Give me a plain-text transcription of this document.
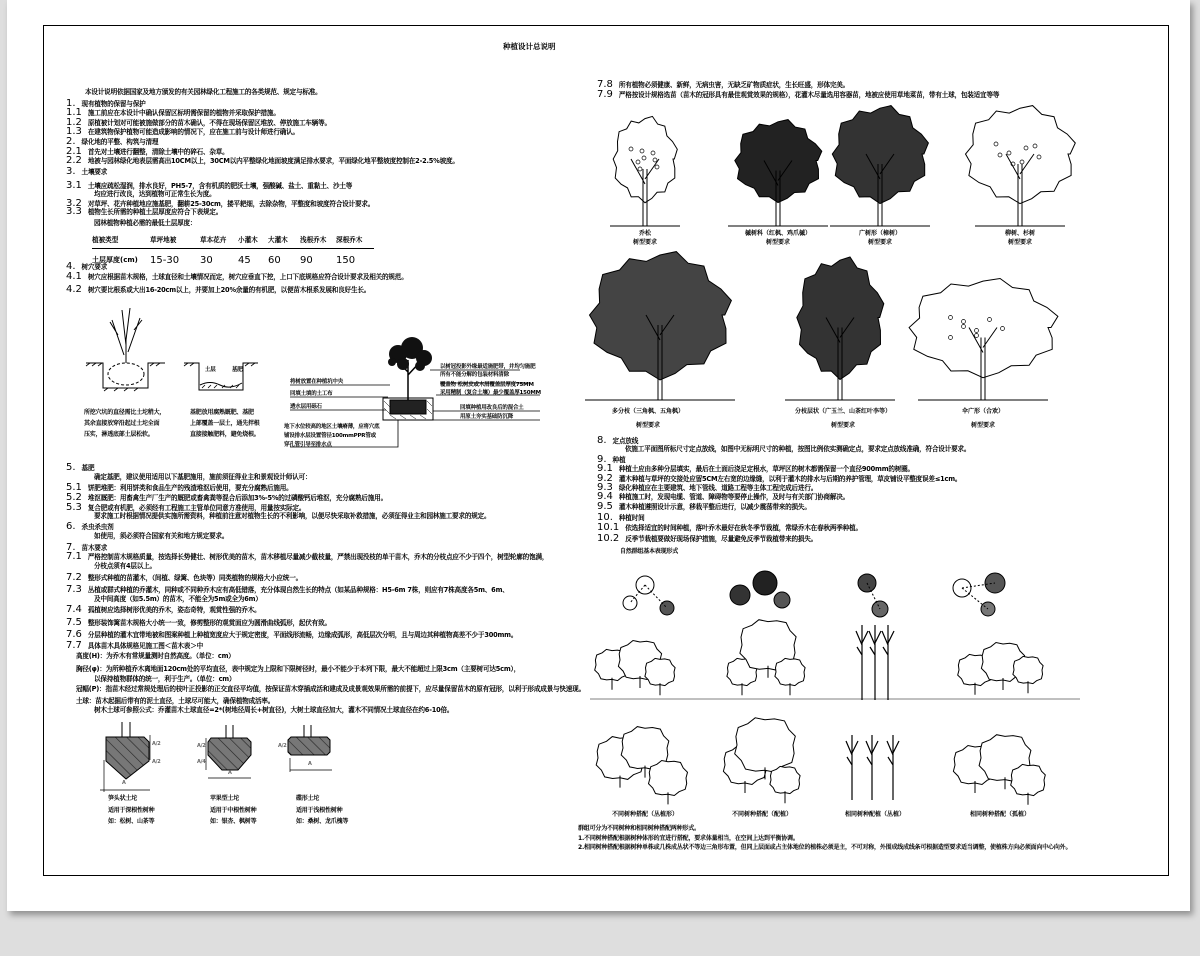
种植设计总说明
本设计说明依据国家及地方颁发的有关园林绿化工程施工的各类规范、规定与标准。
1. 现有植物的保留与保护
1.1 施工前应在本设计中确认保留区标明需保留的植物并采取保护措施。
1.2 原植被计划对可能被施做部分的苗木确认，不得在现场保留区堆放、停放施工车辆等。
1.3 在建筑物保护植物可能造成影响的情况下，应在施工前与设计师进行确认。
2. 绿化地的平整、构筑与清理
2.1 首先对土壤进行翻整，清除土壤中的碎石、杂草。
2.2 地被与园林绿化地表层需高出10CM以上，30CM以内平整绿化地面坡度满足排水要求，平面绿化地平整坡度控制在2-2.5%坡度。
3. 土壤要求
3.1 土壤应疏松湿润，排水良好，PH5-7，含有机质的肥沃土壤，强酸碱、盐土、重黏土、沙土等
均应进行改良，达到植物可正常生长为度。
3.2 对草坪、花卉种植地应施基肥，翻耕25-30cm，搂平耙细，去除杂物，平整度和坡度符合设计要求。
3.3 植物生长所需的种植土层厚度应符合下表规定。
园林植物种植必需的最低土层厚度：
植被类型	草坪地被	草本花卉	小灌木	大灌木	浅根乔木	深根乔木
土层厚度(cm)	15-30	30	45	60	90	150
4. 树穴要求
4.1 树穴应根据苗木规格，土球直径和土壤情况而定，树穴应垂直下挖，上口下底规格应符合设计要求及相关的规范。
4.2 树穴要比根系或大出16-20cm以上，并要加上20%余量的有机肥，以便苗木根系发展和良好生长。
土层	基肥
所挖穴坑的直径需比土坨稍大，
其余直接放穿沿起过土坨全面
压实，淋透底部土层松软。
基肥放用腐熟厩肥、基肥
上部覆盖一层土，通先拌根
直接接触肥料，避免烧根。
将树放置在种植坑中央
回填土填的土工布
透水层用砾石
地下水位较高的地区土壤瘠薄，应将穴底
铺设排水层设置管径100mmPPR管或
穿孔管引导至排水点
以树冠投影外缘最适施肥带，并均匀施肥
所有不能分解的包装材料清除
覆盖物 松树皮或木屑覆盖层厚度75MM
采用精制（复合土壤）最少覆盖厚150MM
回填种植用改良后的混合土
用原土夯实基础防沉降
5. 基肥
确定基肥，建议使用适用以下基肥施用，施前须征得业主和景观设计师认可：
5.1 饼肥堆肥：利用饼类和食品生产的残渣堆沤后使用，要充分腐熟后施用。
5.2 堆沤厩肥：用畜禽生产厂生产的厩肥或畜禽粪等混合后添加3%-5%的过磷酸钙后堆沤，充分腐熟后施用。
5.3 复合肥或有机肥，必须经有工程施工主管单位同意方准使用，用量按实际定。
要求施工时根据情况提供实施所需资料，种植前注意对植物生长的不利影响，以便尽快采取补救措施，必须征得业主和园林施工要求的规定。
6. 杀虫杀虫剂
如使用，须必须符合国家有关和地方规定要求。
7. 苗木要求
7.1 严格控制苗木规格质量，按选择长势健壮、树形优美的苗木，苗木移植尽量减少截枝量，严禁出现没枝的单干苗木，乔木的分枝点应不少于四个，树型轮廓的饱满，
分枝点须有4层以上。
7.2 整形式种植的苗灌木，（间植、绿篱、色块等）同类植物的规格大小应统一。
7.3 丛植或群式种植的乔灌木，同种或不同种乔木应有高低错落，充分体现自然生长的特点（如某品种规格：H5-6m 7株，则应有7株高度各5m、6m、
及中间高度（如5.5m）的苗木，不能全为5m或全为6m）
7.4 孤植树应选择树形优美的乔木，姿态奇特，观赏性强的乔木。
7.5 整形装饰篱苗木规格大小统一一致，修剪整形的观赏面应为圆滑曲线弧形，起伏有致。
7.6 分层种植的灌木宜带地被和图案种植上种植宽度应大于规定密度，平面线形流畅，边缘成弧形，高低层次分明，且与周边其种植物高差不少于300mm。
7.7 具体苗木具体规格见施工图＜苗木表＞中
高度(H)：为乔木有常规量测时自然高度。（单位：cm）
胸径(φ)：为所种植乔木离地面120cm处的平均直径，表中规定为上限和下限树径时，最小不能少于本列下限，最大不能超过上限3cm（主要树可达5cm），
以保持植物群体的统一，利于生产。（单位：cm）
冠幅(P)：指苗木经过常规处理后的枝叶正投影的正交直径平均值，按保证苗木穿插成活和建成及成景观效果所需的前提下，应尽量保留苗木的原有冠形，以利于形成成景与快速现。
土球：苗木起掘后带有的泥土直径，土球尽可能大，确保植物成活率。
树木土球可参照公式：乔灌苗木土球直径=2*(树地径周长+树直径)，大树土球直径加大，灌木不同情况土球直径在约6-10倍。
笋头状土坨
适用于深根性树种
如：松树、山茶等
苹果型土坨
适用于中根性树种
如：银杏、枫树等
碟形土坨
适用于浅根性树种
如：桑树、龙爪槐等
A/2
A/2
A
A/2
A/4
A
A/2
A
7.8 所有植物必须健康、新鲜，无病虫害，无缺乏矿物质症状，生长旺盛，形体完美。
7.9 严格按设计规格选苗（苗木的冠形具有最佳观赏效果的规格），花灌木尽量选用容器苗，地被应使用草地菜苗，带有土球，包装适宜等等
乔松
树型要求
槭树科（红枫、鸡爪槭）
树型要求
广树形（樟树）
树型要求
柳树、杉树
树型要求
多分枝（三角枫、五角枫）
树型要求
分枝层状（广玉兰、山茶红叶李等）
树型要求
伞广形（合欢）
树型要求
8. 定点放线
依施工平面图所标尺寸定点放线，如图中无标明尺寸的种植，按图比例依实测确定点，要求定点放线准确，符合设计要求。
9. 种植
9.1 种植土应由多种分层填实，最后在土面后浇足定根水，草坪区的树木都需保留一个直径900mm的树圈。
9.2 灌木种植与草坪的交接处应留5CM左右宽的边缘缝，以利于灌木的排水与后期的养护管理，草皮铺设平整度误差≤1cm。
9.3 绿化种植应在主要建筑、地下管线、道路工程等主体工程完成后进行。
9.4 种植施工时，发现电缆、管道、障碍物等要停止操作，及时与有关部门协商解决。
9.5 灌木种植遵照设计示意，移栽平整后进行，以减少震荡带来的损失。
10. 种植时间
10.1 依选择适宜的时间种植，落叶乔木最好在秋冬季节栽植，常绿乔木在春秋两季种植。
10.2 反季节栽植要做好现场保护措施，尽量避免反季节栽植带来的损失。
自然群组基本表现形式
不同树种搭配（丛植形）	不同树种搭配（配植）	相同树种配植（丛植）	相同树种搭配（孤植）
群组可分为不同树种和相同树种搭配两种形式。
1.不同树种搭配根据树种体形的宜进行搭配，要求体量相当，在空间上达到平衡协调。
2.相同树种搭配根据树种单株或几株成丛状不等边三角形布置，但同上层面或占主体地位的植株必须是主，不可对称，外围成线成线条可根据造型要求适当调整，使植株方向必须面向中心向外。
